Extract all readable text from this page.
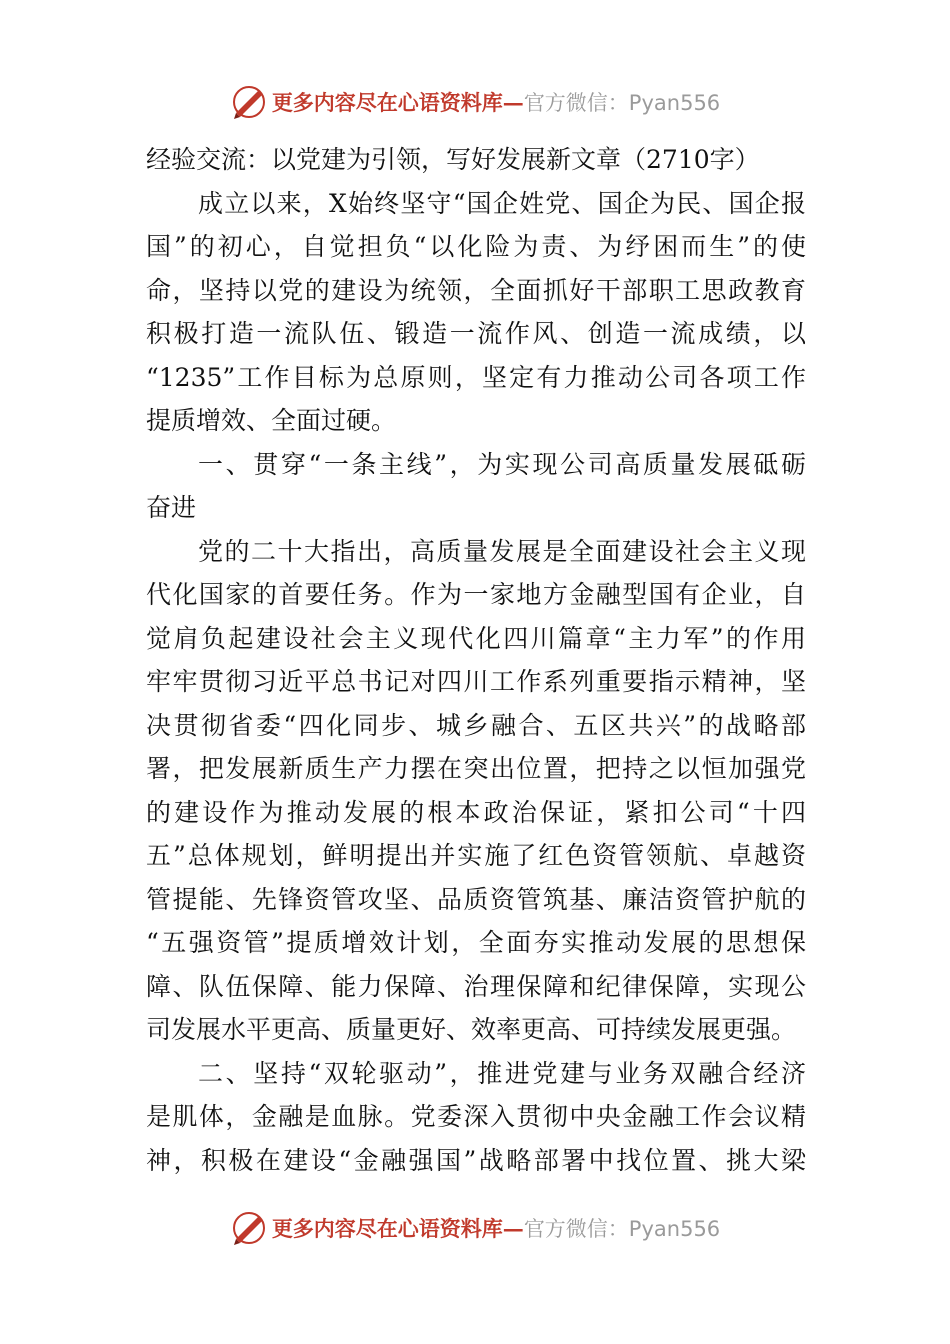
更多内容尽在心语资料库— 官方微信：Pyan556
经验交流：以党建为引领，写好发展新文章（2710字）
成立以来，X始终坚守“国企姓党、国企为民、国企报
国”的初心，自觉担负“以化险为责、为纾困而生”的使
命，坚持以党的建设为统领，全面抓好干部职工思政教育
积极打造一流队伍、锻造一流作风、创造一流成绩，以
“1235”工作目标为总原则，坚定有力推动公司各项工作
提质增效、全面过硬。
一、贯穿“一条主线”，为实现公司高质量发展砥砺
奋进
党的二十大指出，高质量发展是全面建设社会主义现
代化国家的首要任务。作为一家地方金融型国有企业，自
觉肩负起建设社会主义现代化四川篇章“主力军”的作用
牢牢贯彻习近平总书记对四川工作系列重要指示精神，坚
决贯彻省委“四化同步、城乡融合、五区共兴”的战略部
署，把发展新质生产力摆在突出位置，把持之以恒加强党
的建设作为推动发展的根本政治保证，紧扣公司“十四
五”总体规划，鲜明提出并实施了红色资管领航、卓越资
管提能、先锋资管攻坚、品质资管筑基、廉洁资管护航的
“五强资管”提质增效计划，全面夯实推动发展的思想保
障、队伍保障、能力保障、治理保障和纪律保障，实现公
司发展水平更高、质量更好、效率更高、可持续发展更强。
二、坚持“双轮驱动”，推进党建与业务双融合经济
是肌体，金融是血脉。党委深入贯彻中央金融工作会议精
神，积极在建设“金融强国”战略部署中找位置、挑大梁
更多内容尽在心语资料库— 官方微信：Pyan556
